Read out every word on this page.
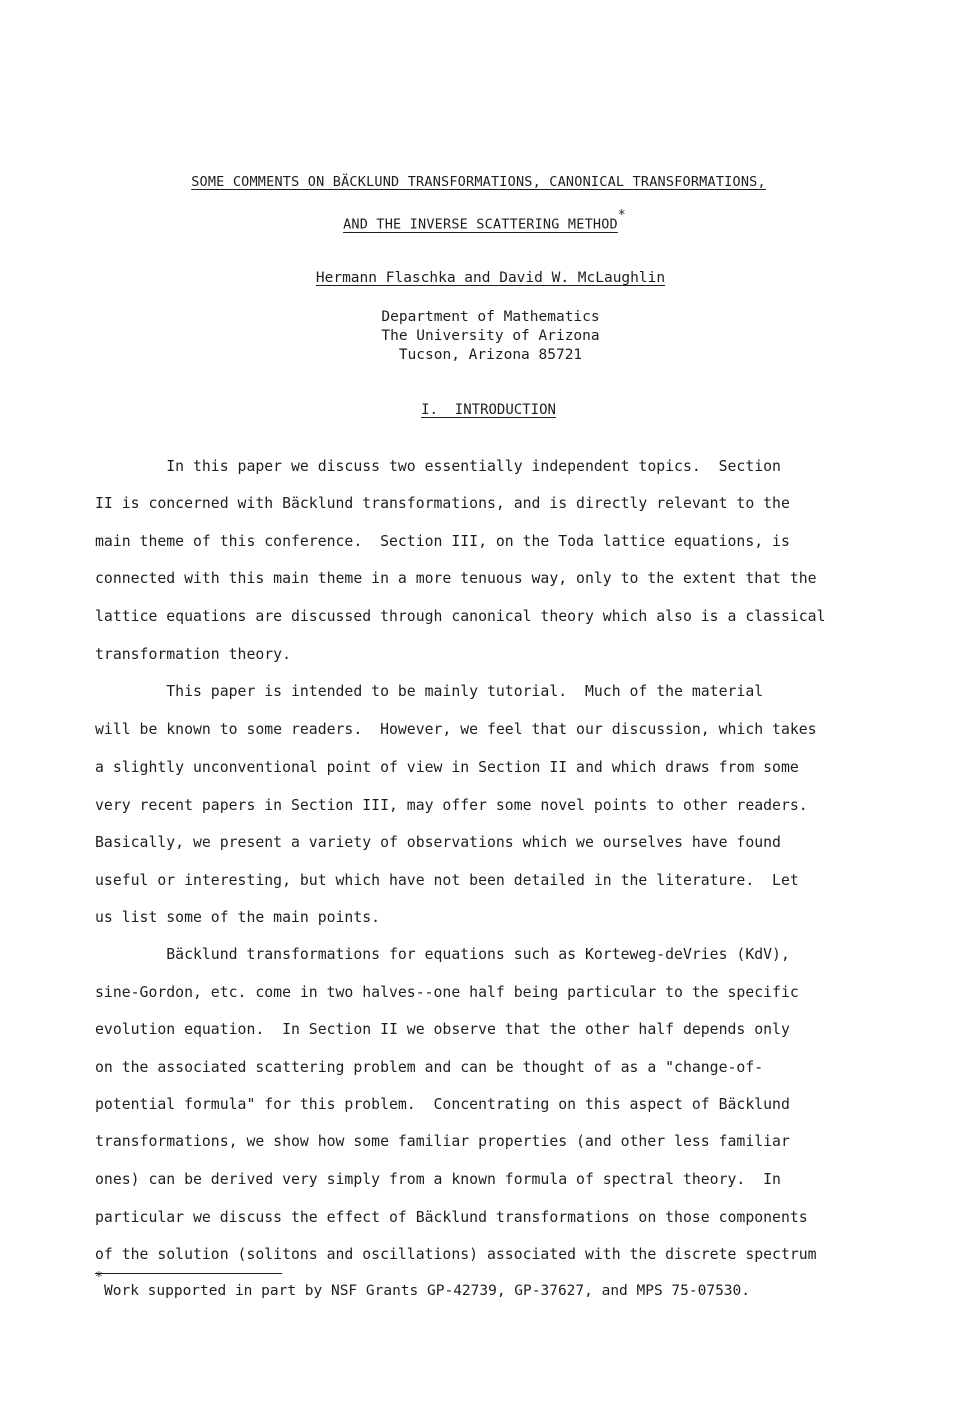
SOME COMMENTS ON BÄCKLUND TRANSFORMATIONS, CANONICAL TRANSFORMATIONS,
AND THE INVERSE SCATTERING METHOD*
Hermann Flaschka and David W. McLaughlin
Department of Mathematics
The University of Arizona
Tucson, Arizona 85721
I.  INTRODUCTION
In this paper we discuss two essentially independent topics.  Section
II is concerned with Bäcklund transformations, and is directly relevant to the
main theme of this conference.  Section III, on the Toda lattice equations, is
connected with this main theme in a more tenuous way, only to the extent that the
lattice equations are discussed through canonical theory which also is a classical
transformation theory.
This paper is intended to be mainly tutorial.  Much of the material
will be known to some readers.  However, we feel that our discussion, which takes
a slightly unconventional point of view in Section II and which draws from some
very recent papers in Section III, may offer some novel points to other readers.
Basically, we present a variety of observations which we ourselves have found
useful or interesting, but which have not been detailed in the literature.  Let
us list some of the main points.
Bäcklund transformations for equations such as Korteweg-deVries (KdV),
sine-Gordon, etc. come in two halves--one half being particular to the specific
evolution equation.  In Section II we observe that the other half depends only
on the associated scattering problem and can be thought of as a "change-of-
potential formula" for this problem.  Concentrating on this aspect of Bäcklund
transformations, we show how some familiar properties (and other less familiar
ones) can be derived very simply from a known formula of spectral theory.  In
particular we discuss the effect of Bäcklund transformations on those components
of the solution (solitons and oscillations) associated with the discrete spectrum
*
Work supported in part by NSF Grants GP-42739, GP-37627, and MPS 75-07530.
